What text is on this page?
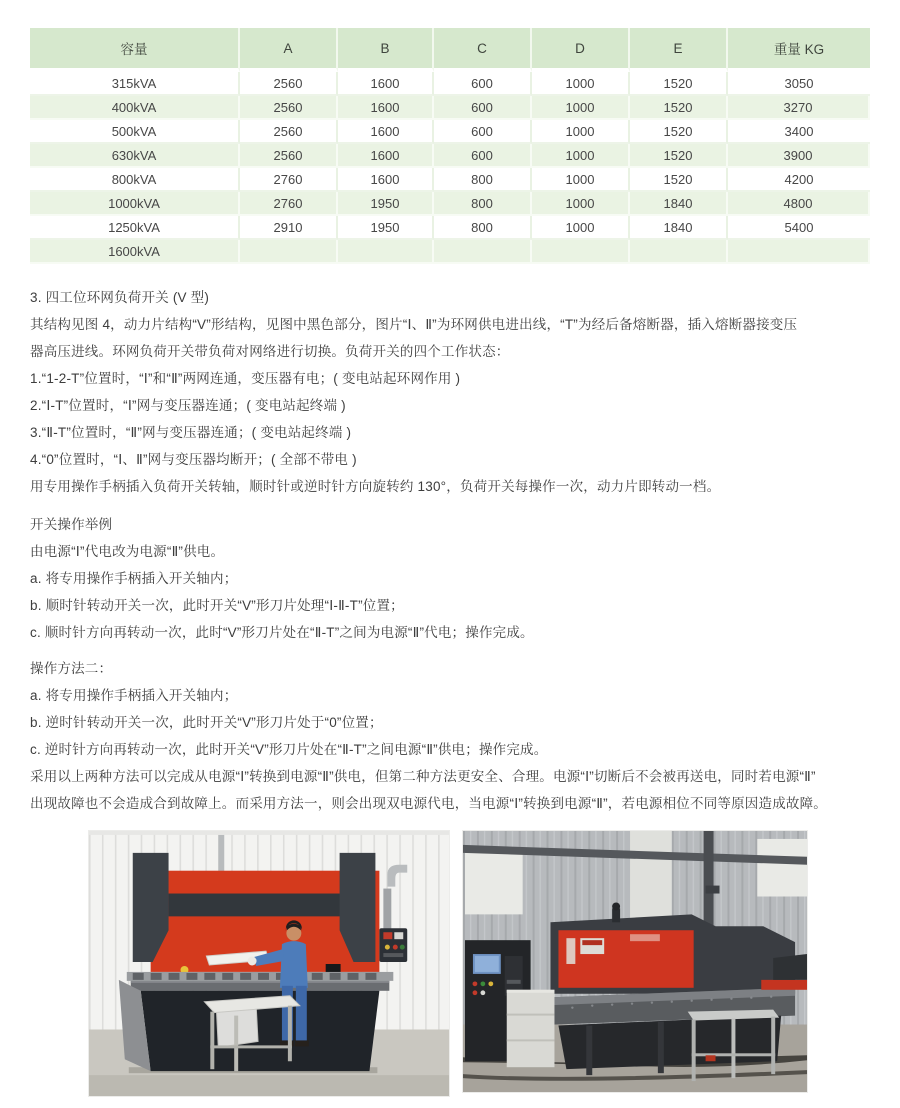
容量	A	B	C	D	E	重量 KG
315kVA	2560	1600	600	1000	1520	3050
400kVA	2560	1600	600	1000	1520	3270
500kVA	2560	1600	600	1000	1520	3400
630kVA	2560	1600	600	1000	1520	3900
800kVA	2760	1600	800	1000	1520	4200
1000kVA	2760	1950	800	1000	1840	4800
1250kVA	2910	1950	800	1000	1840	5400
1600kVA						
3. 四工位环网负荷开关 (V 型)
其结构见图 4，动力片结构“V”形结构，见图中黑色部分，图片“Ⅰ、Ⅱ”为环网供电进出线，“T”为经后备熔断器，插入熔断器接变压
器高压进线。环网负荷开关带负荷对网络进行切换。负荷开关的四个工作状态：
1.“1-2-T”位置时，“Ⅰ”和“Ⅱ”两网连通，变压器有电；( 变电站起环网作用 )
2.“Ⅰ-T”位置时，“Ⅰ”网与变压器连通；( 变电站起终端 )
3.“Ⅱ-T”位置时，“Ⅱ”网与变压器连通；( 变电站起终端 )
4.“0”位置时，“Ⅰ、Ⅱ”网与变压器均断开；( 全部不带电 )
用专用操作手柄插入负荷开关转轴，顺时针或逆时针方向旋转约 130°，负荷开关每操作一次，动力片即转动一档。
开关操作举例
由电源“Ⅰ”代电改为电源“Ⅱ”供电。
a. 将专用操作手柄插入开关轴内；
b. 顺时针转动开关一次，此时开关“V”形刀片处理“Ⅰ-Ⅱ-T”位置；
c. 顺时针方向再转动一次，此时“V”形刀片处在“Ⅱ-T”之间为电源“Ⅱ”代电；操作完成。
操作方法二：
a. 将专用操作手柄插入开关轴内；
b. 逆时针转动开关一次，此时开关“V”形刀片处于“0”位置；
c. 逆时针方向再转动一次，此时开关“V”形刀片处在“Ⅱ-T”之间电源“Ⅱ”供电；操作完成。
采用以上两种方法可以完成从电源“Ⅰ”转换到电源“Ⅱ”供电，但第二种方法更安全、合理。电源“Ⅰ”切断后不会被再送电，同时若电源“Ⅱ”
出现故障也不会造成合到故障上。而采用方法一，则会出现双电源代电，当电源“Ⅰ”转换到电源“Ⅱ”，若电源相位不同等原因造成故障。
